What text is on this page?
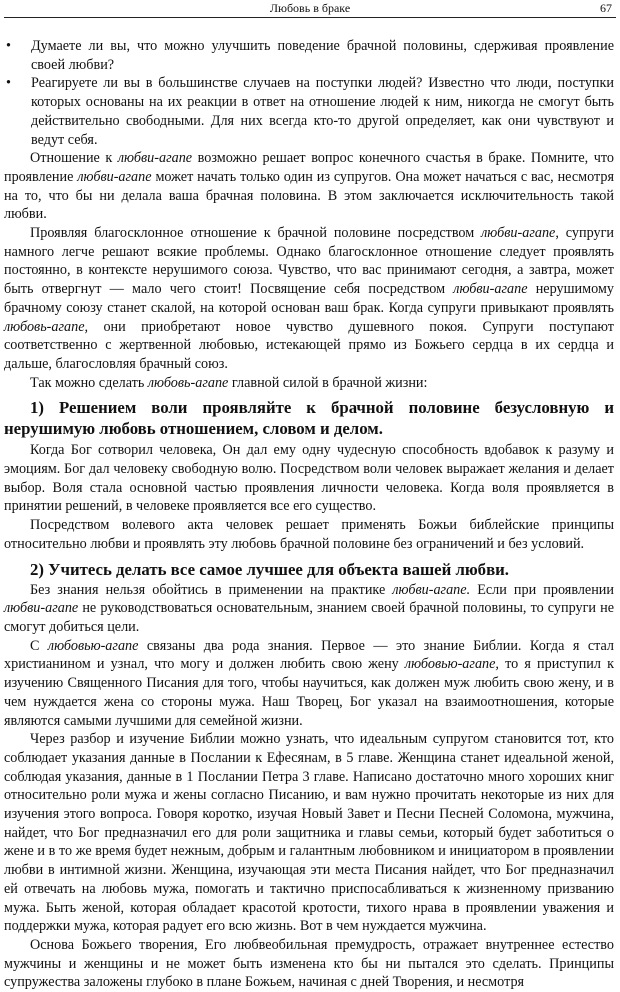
Любовь в браке	67
• Думаете ли вы, что можно улучшить поведение брачной половины, сдерживая проявление своей любви?
• Реагируете ли вы в большинстве случаев на поступки людей? Известно что люди, поступки которых основаны на их реакции в ответ на отношение людей к ним, никогда не смогут быть действительно свободными. Для них всегда кто-то другой определяет, как они чувствуют и ведут себя.

Отношение к любви-агапе возможно решает вопрос конечного счастья в браке. Помните, что проявление любви-агапе может начать только один из супругов. Она может начаться с вас, несмотря на то, что бы ни делала ваша брачная половина. В этом заключается исключительность такой любви.

Проявляя благосклонное отношение к брачной половине посредством любви-агапе, супруги намного легче решают всякие проблемы. Однако благосклонное отношение следует проявлять постоянно, в контексте нерушимого союза. Чувство, что вас принимают сегодня, а завтра, может быть отвергнут — мало чего стоит! Посвящение себя посредством любви-агапе нерушимому брачному союзу станет скалой, на которой основан ваш брак. Когда супруги привыкают проявлять любовь-агапе, они приобретают новое чувство душевного покоя. Супруги поступают соответственно с жертвенной любовью, истекающей прямо из Божьего сердца в их сердца и дальше, благословляя брачный союз.

Так можно сделать любовь-агапе главной силой в брачной жизни:

1) Решением воли проявляйте к брачной половине безусловную и нерушимую любовь отношением, словом и делом.

Когда Бог сотворил человека, Он дал ему одну чудесную способность вдобавок к разуму и эмоциям. Бог дал человеку свободную волю. Посредством воли человек выражает желания и делает выбор. Воля стала основной частью проявления личности человека. Когда воля проявляется в принятии решений, в человеке проявляется все его существо.

Посредством волевого акта человек решает применять Божьи библейские принципы относительно любви и проявлять эту любовь брачной половине без ограничений и без условий.

2) Учитесь делать все самое лучшее для объекта вашей любви.

Без знания нельзя обойтись в применении на практике любви-агапе. Если при проявлении любви-агапе не руководствоваться основательным, знанием своей брачной половины, то супруги не смогут добиться цели.

С любовью-агапе связаны два рода знания. Первое — это знание Библии. Когда я стал христианином и узнал, что могу и должен любить свою жену любовью-агапе, то я приступил к изучению Священного Писания для того, чтобы научиться, как должен муж любить свою жену, и в чем нуждается жена со стороны мужа. Наш Творец, Бог указал на взаимоотношения, которые являются самыми лучшими для семейной жизни.

Через разбор и изучение Библии можно узнать, что идеальным супругом становится тот, кто соблюдает указания данные в Послании к Ефесянам, в 5 главе. Женщина станет идеальной женой, соблюдая указания, данные в 1 Послании Петра 3 главе. Написано достаточно много хороших книг относительно роли мужа и жены согласно Писанию, и вам нужно прочитать некоторые из них для изучения этого вопроса. Говоря коротко, изучая Новый Завет и Песни Песней Соломона, мужчина, найдет, что Бог предназначил его для роли защитника и главы семьи, который будет заботиться о жене и в то же время будет нежным, добрым и галантным любовником и инициатором в проявлении любви в интимной жизни. Женщина, изучающая эти места Писания найдет, что Бог предназначил ей отвечать на любовь мужа, помогать и тактично приспосабливаться к жизненному призванию мужа. Быть женой, которая обладает красотой кротости, тихого нрава в проявлении уважения и поддержки мужа, которая радует его всю жизнь. Вот в чем нуждается мужчина.

Основа Божьего творения, Его любвеобильная премудрость, отражает внутреннее естество мужчины и женщины и не может быть изменена кто бы ни пытался это сделать. Принципы супружества заложены глубоко в плане Божьем, начиная с дней Творения, и несмотря
